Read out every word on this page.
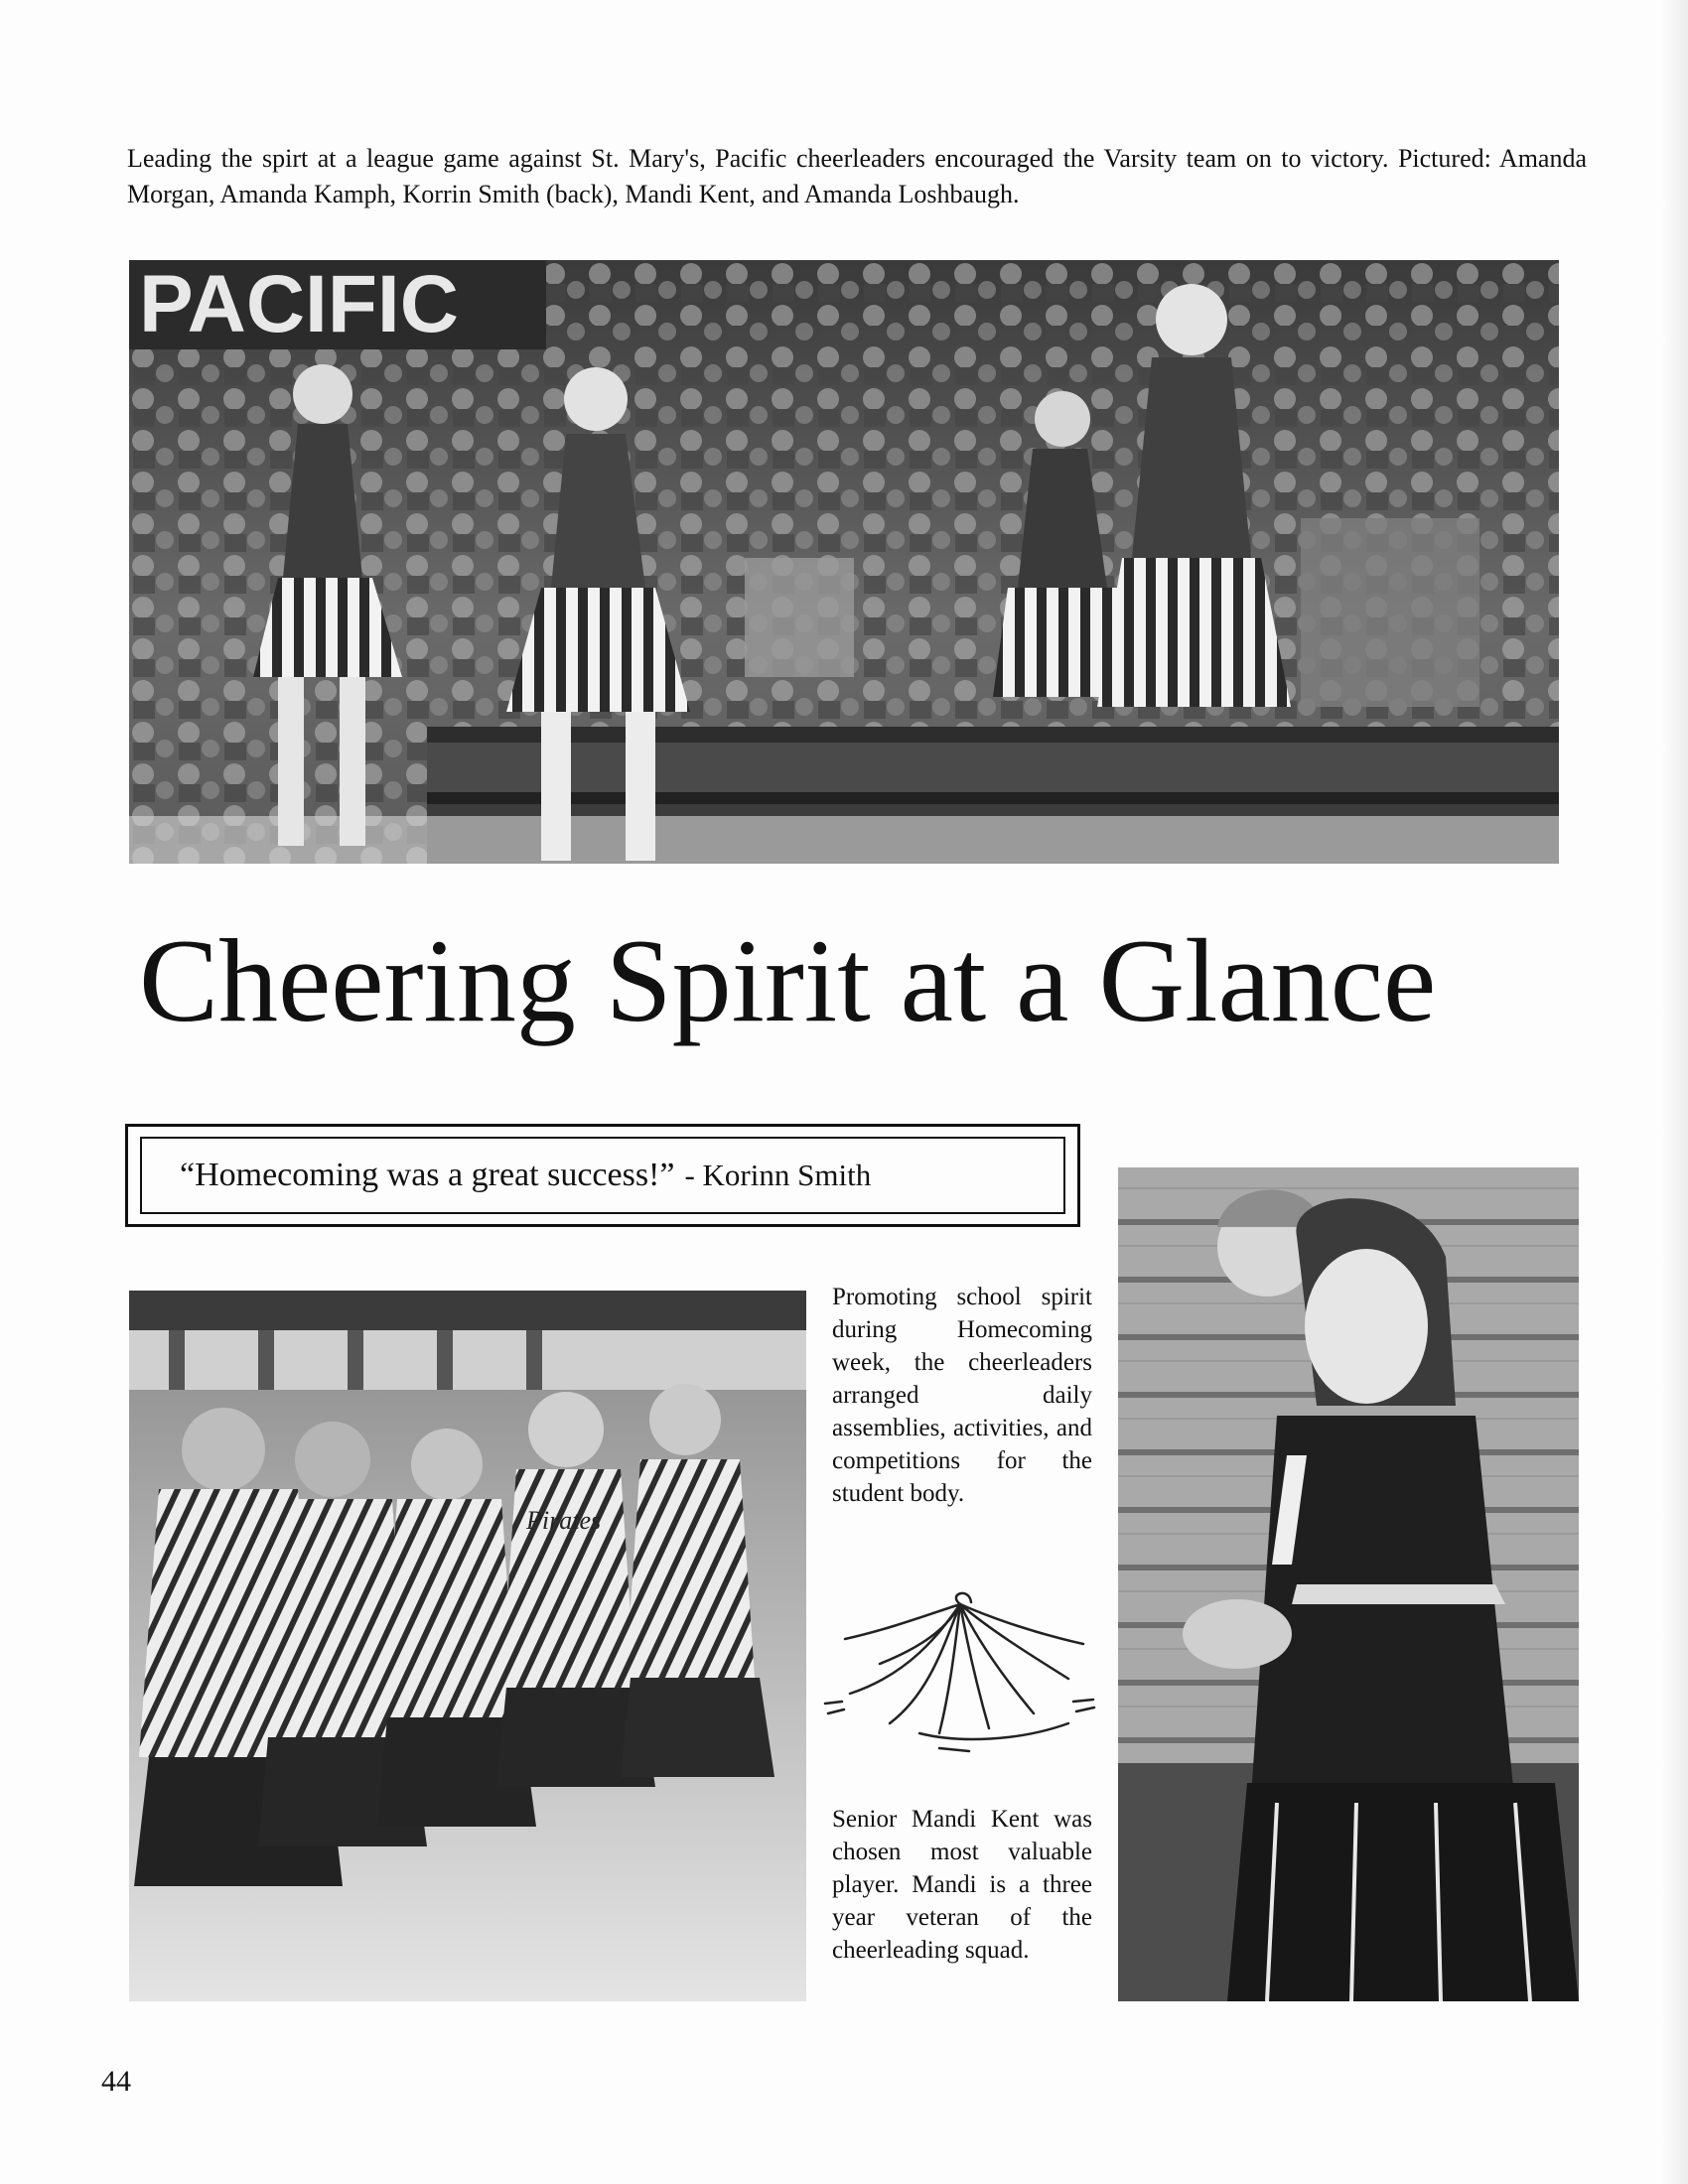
Leading the spirt at a league game against St. Mary's, Pacific cheerleaders encouraged the Varsity team on to victory. Pictured: Amanda Morgan, Amanda Kamph, Korrin Smith (back), Mandi Kent, and Amanda Loshbaugh.

PACIFIC
Cheering Spirit at a Glance
“Homecoming was a great success!” - Korinn Smith
Pirates

Promoting school spirit during Homecoming week, the cheerleaders arranged daily assemblies, activities, and competitions for the student body.

Senior Mandi Kent was chosen most valuable player. Mandi is a three year veteran of the cheerleading squad.

44
